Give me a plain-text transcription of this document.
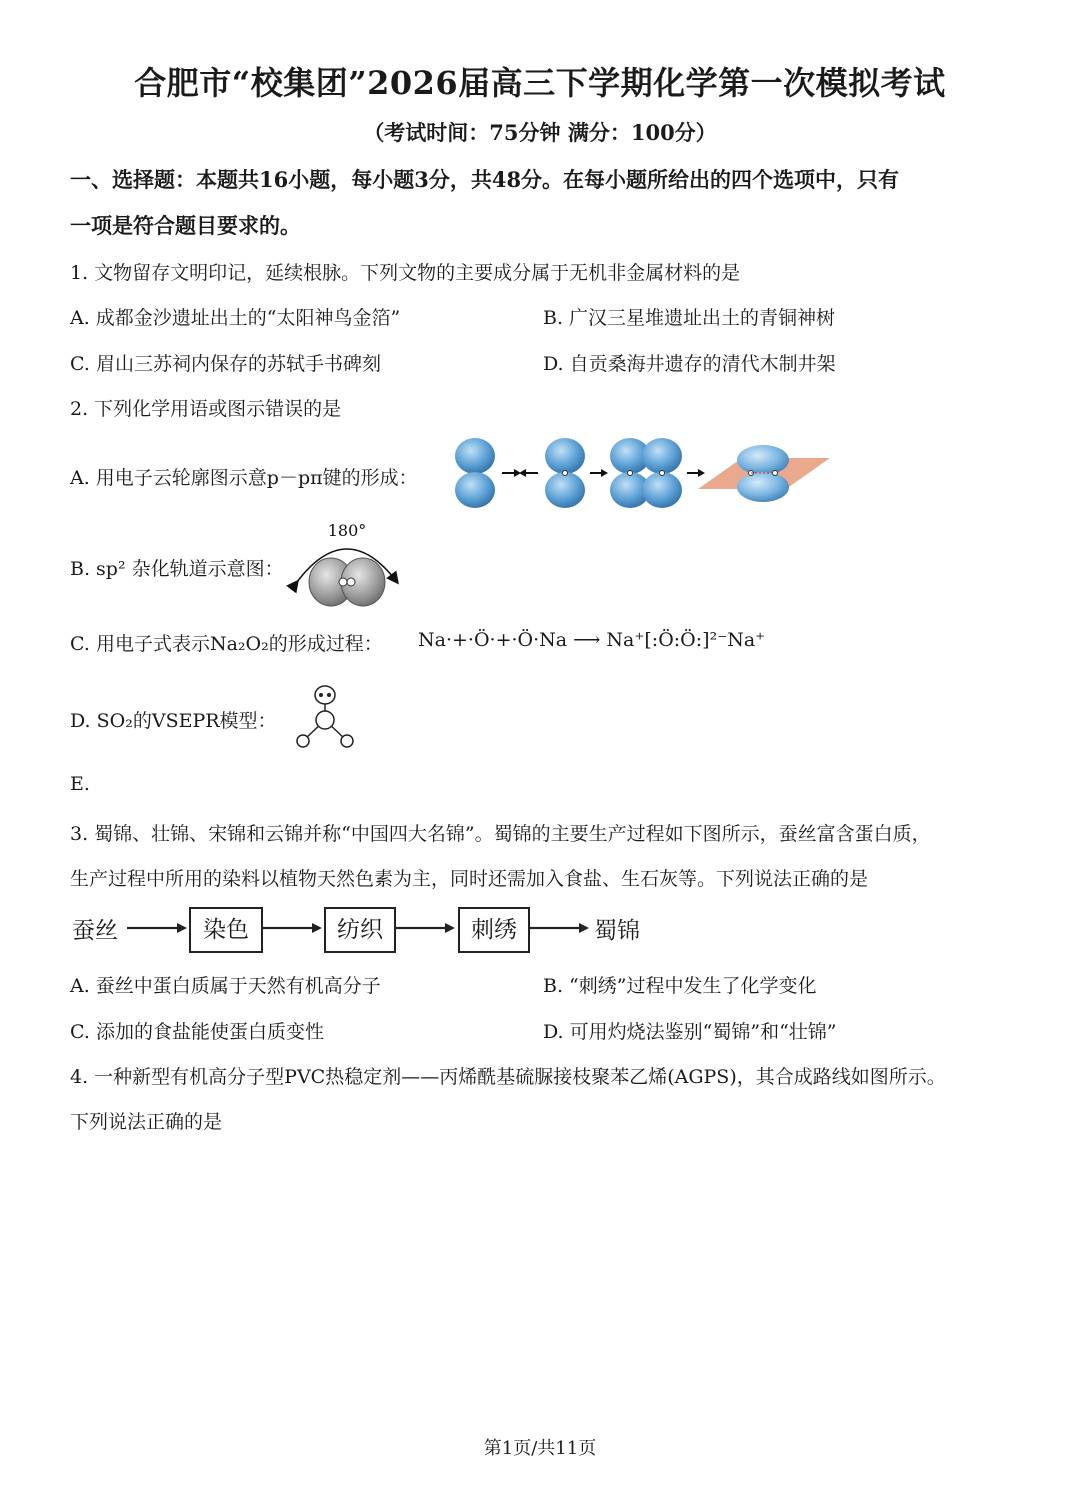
合肥市“校集团”2026届高三下学期化学第一次模拟考试
（考试时间：75分钟 满分：100分）
一、选择题：本题共16小题，每小题3分，共48分。在每小题所给出的四个选项中，只有
一项是符合题目要求的。
1. 文物留存文明印记，延续根脉。下列文物的主要成分属于无机非金属材料的是
A. 成都金沙遗址出土的“太阳神鸟金箔”	B. 广汉三星堆遗址出土的青铜神树
C. 眉山三苏祠内保存的苏轼手书碑刻	D. 自贡桑海井遗存的清代木制井架
2. 下列化学用语或图示错误的是
A. 用电子云轮廓图示意p－pπ键的形成：
B. sp² 杂化轨道示意图：
180°
C. 用电子式表示Na₂O₂的形成过程： Na·+·Ö·+·Ö·Na ⟶ Na⁺[:Ö:Ö:]²⁻Na⁺
D. SO₂的VSEPR模型：
E.
3. 蜀锦、壮锦、宋锦和云锦并称“中国四大名锦”。蜀锦的主要生产过程如下图所示，蚕丝富含蛋白质，
生产过程中所用的染料以植物天然色素为主，同时还需加入食盐、生石灰等。下列说法正确的是
蚕丝	染色	纺织	刺绣	蜀锦
A. 蚕丝中蛋白质属于天然有机高分子	B. “刺绣”过程中发生了化学变化
C. 添加的食盐能使蛋白质变性	D. 可用灼烧法鉴别“蜀锦”和“壮锦”
4. 一种新型有机高分子型PVC热稳定剂——丙烯酰基硫脲接枝聚苯乙烯(AGPS)，其合成路线如图所示。
下列说法正确的是
第1页/共11页
